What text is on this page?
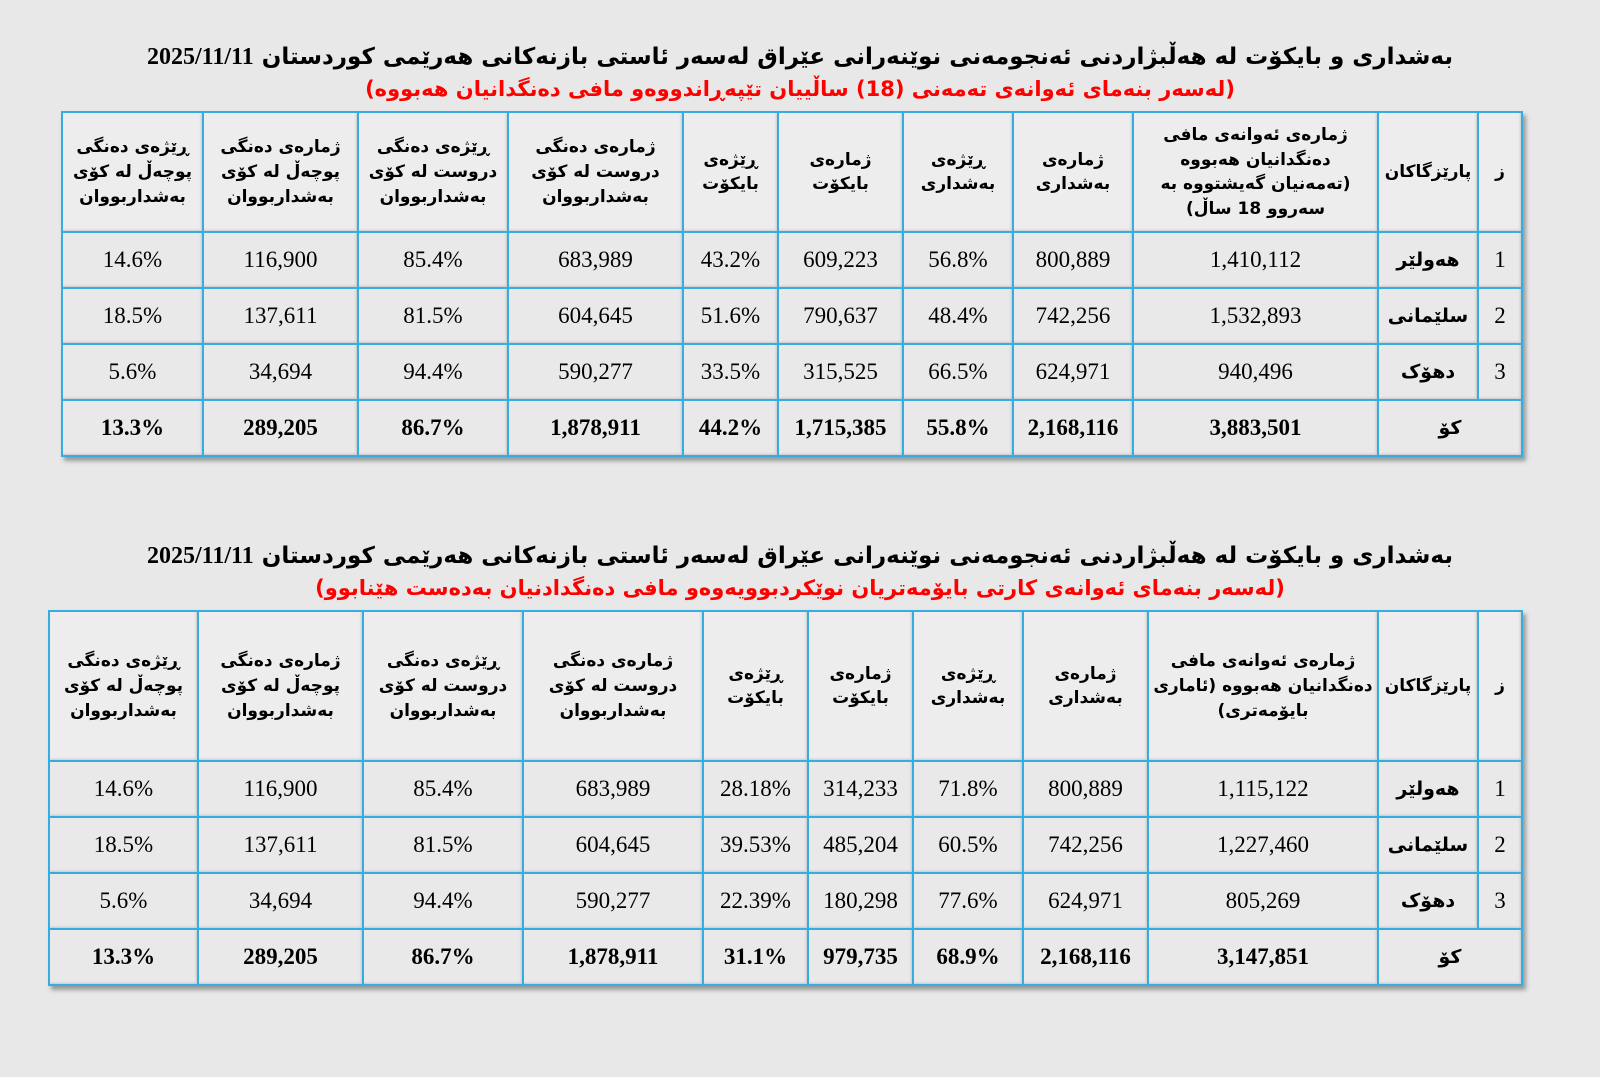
بەشداری و بایکۆت لە هەڵبژاردنی ئەنجومەنی نوێنەرانی عێراق لەسەر ئاستی بازنەکانی هەرێمی کوردستان 2025/11/11
(لەسەر بنەمای ئەوانەی تەمەنی (18) ساڵییان تێپەڕاندووەو مافی دەنگدانیان هەبووە)
ز	پارێزگاکان	ژمارەی ئەوانەی مافی دەنگدانیان هەبووە (تەمەنیان گەیشتووە بە سەروو 18 ساڵ)	ژمارەی بەشداری	ڕێژەی بەشداری	ژمارەی بایکۆت	ڕێژەی بایکۆت	ژمارەی دەنگی دروست لە کۆی بەشداربووان	ڕێژەی دەنگی دروست لە کۆی بەشداربووان	ژمارەی دەنگی پوچەڵ لە کۆی بەشداربووان	ڕێژەی دەنگی پوچەڵ لە کۆی بەشداربووان
1	هەولێر	1,410,112	800,889	56.8%	609,223	43.2%	683,989	85.4%	116,900	14.6%
2	سلێمانی	1,532,893	742,256	48.4%	790,637	51.6%	604,645	81.5%	137,611	18.5%
3	دهۆک	940,496	624,971	66.5%	315,525	33.5%	590,277	94.4%	34,694	5.6%
کۆ		3,883,501	2,168,116	55.8%	1,715,385	44.2%	1,878,911	86.7%	289,205	13.3%
بەشداری و بایکۆت لە هەڵبژاردنی ئەنجومەنی نوێنەرانی عێراق لەسەر ئاستی بازنەکانی هەرێمی کوردستان 2025/11/11
(لەسەر بنەمای ئەوانەی کارتی بایۆمەتریان نوێکردبوویەوەو مافی دەنگدادنیان بەدەست هێنابوو)
ز	پارێزگاکان	ژمارەی ئەوانەی مافی دەنگدانیان هەبووە (ئاماری بایۆمەتری)	ژمارەی بەشداری	ڕێژەی بەشداری	ژمارەی بایکۆت	ڕێژەی بایکۆت	ژمارەی دەنگی دروست لە کۆی بەشداربووان	ڕێژەی دەنگی دروست لە کۆی بەشداربووان	ژمارەی دەنگی پوچەڵ لە کۆی بەشداربووان	ڕێژەی دەنگی پوچەڵ لە کۆی بەشداربووان
1	هەولێر	1,115,122	800,889	71.8%	314,233	28.18%	683,989	85.4%	116,900	14.6%
2	سلێمانی	1,227,460	742,256	60.5%	485,204	39.53%	604,645	81.5%	137,611	18.5%
3	دهۆک	805,269	624,971	77.6%	180,298	22.39%	590,277	94.4%	34,694	5.6%
کۆ		3,147,851	2,168,116	68.9%	979,735	31.1%	1,878,911	86.7%	289,205	13.3%
